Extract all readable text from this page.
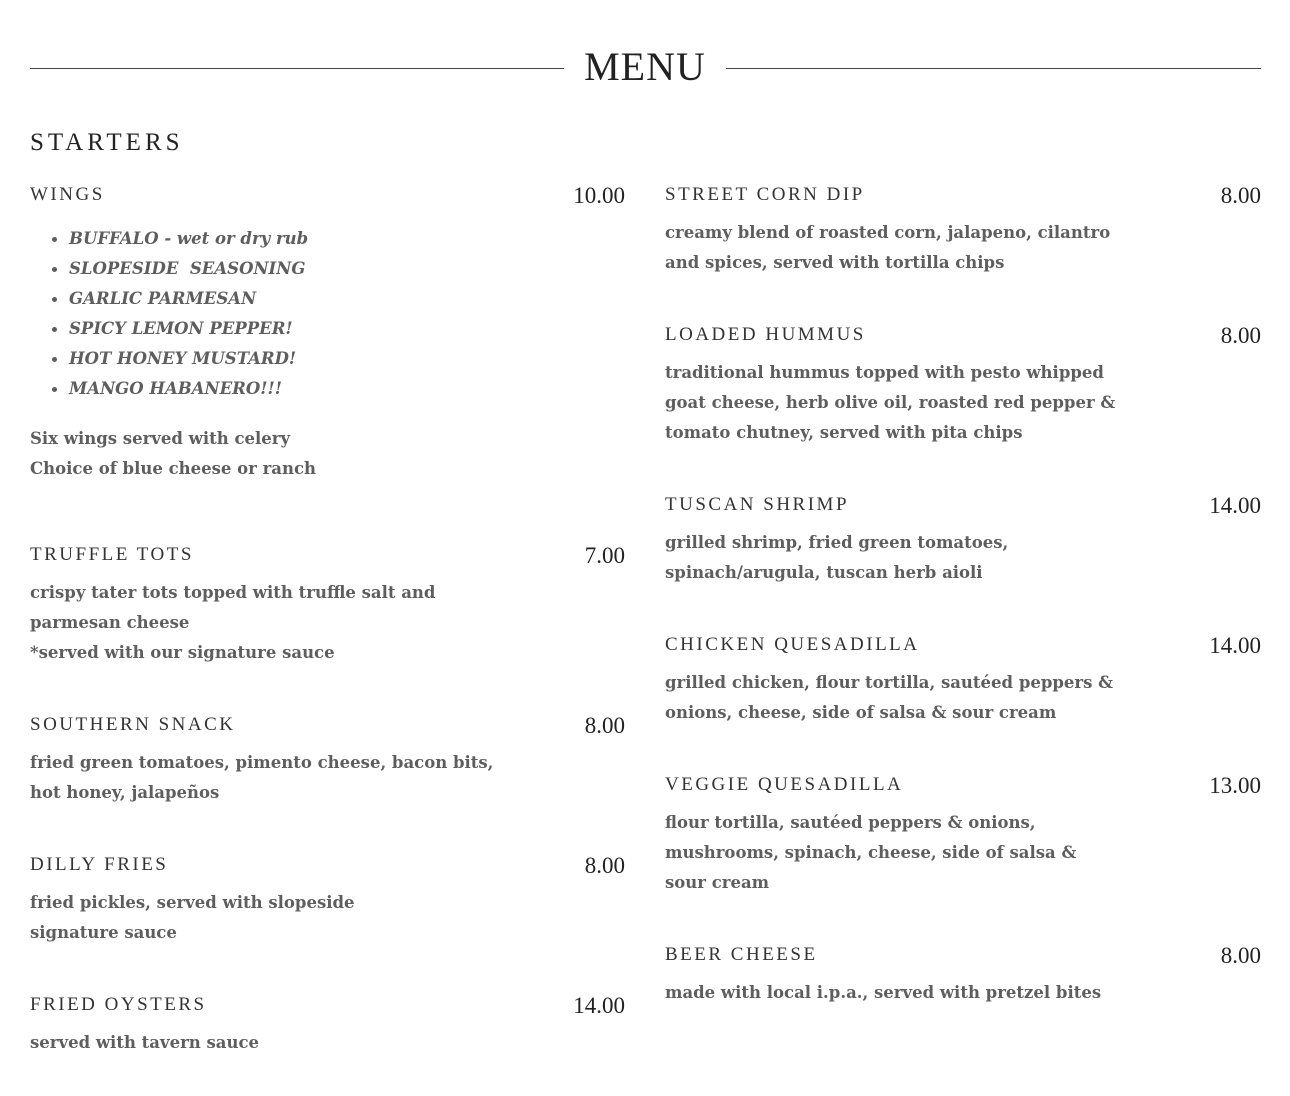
MENU
STARTERS
WINGS	10.00
BUFFALO - wet or dry rub
SLOPESIDE  SEASONING
GARLIC PARMESAN
SPICY LEMON PEPPER!
HOT HONEY MUSTARD!
MANGO HABANERO!!!
Six wings served with celery
Choice of blue cheese or ranch
TRUFFLE TOTS	7.00
crispy tater tots topped with truffle salt and
parmesan cheese
*served with our signature sauce
SOUTHERN SNACK	8.00
fried green tomatoes, pimento cheese, bacon bits,
hot honey, jalapeños
DILLY FRIES	8.00
fried pickles, served with slopeside
signature sauce
FRIED OYSTERS	14.00
served with tavern sauce
STREET CORN DIP	8.00
creamy blend of roasted corn, jalapeno, cilantro
and spices, served with tortilla chips
LOADED HUMMUS	8.00
traditional hummus topped with pesto whipped
goat cheese, herb olive oil, roasted red pepper &
tomato chutney, served with pita chips
TUSCAN SHRIMP	14.00
grilled shrimp, fried green tomatoes,
spinach/arugula, tuscan herb aioli
CHICKEN QUESADILLA	14.00
grilled chicken, flour tortilla, sautéed peppers &
onions, cheese, side of salsa & sour cream
VEGGIE QUESADILLA	13.00
flour tortilla, sautéed peppers & onions,
mushrooms, spinach, cheese, side of salsa &
sour cream
BEER CHEESE	8.00
made with local i.p.a., served with pretzel bites
